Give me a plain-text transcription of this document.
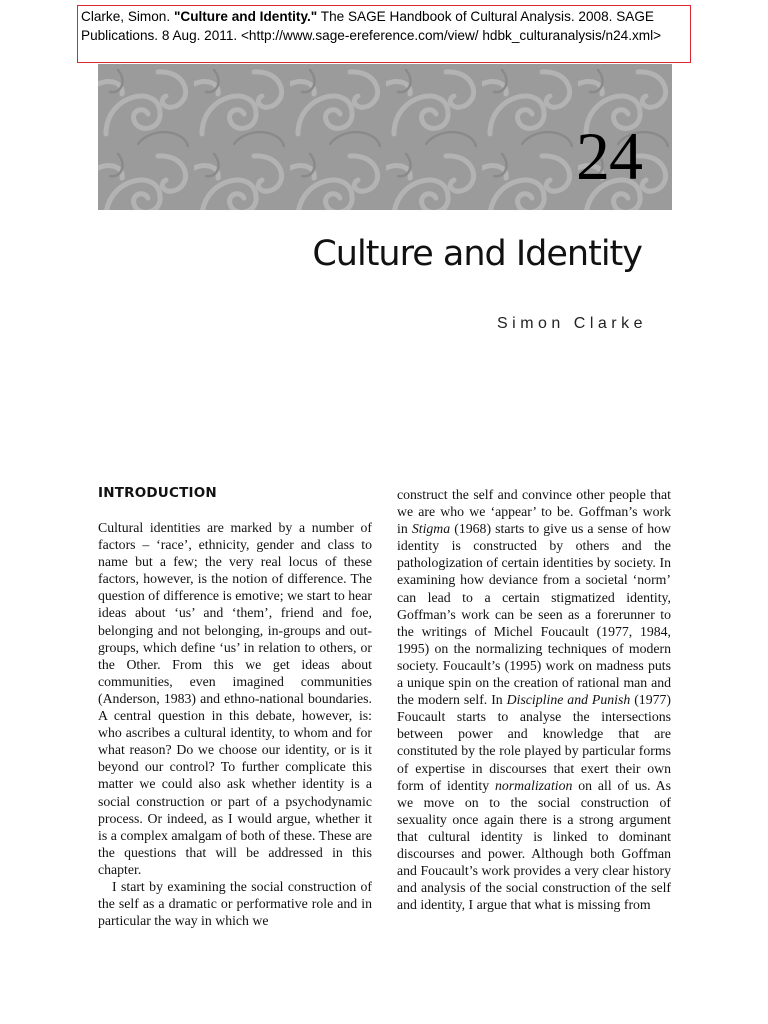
Clarke, Simon. "Culture and Identity." The SAGE Handbook of Cultural Analysis. 2008. SAGE Publications. 8 Aug. 2011. <http://www.sage-ereference.com/view/ hdbk_culturanalysis/n24.xml>
24
Culture and Identity
Simon Clarke
INTRODUCTION

Cultural identities are marked by a number of factors – ‘race’, ethnicity, gender and class to name but a few; the very real locus of these factors, however, is the notion of difference. The question of difference is emotive; we start to hear ideas about ‘us’ and ‘them’, friend and foe, belonging and not belonging, in-groups and out-groups, which define ‘us’ in relation to others, or the Other. From this we get ideas about communities, even imagined communities (Anderson, 1983) and ethno-national boundaries. A central question in this debate, however, is: who ascribes a cultural identity, to whom and for what reason? Do we choose our identity, or is it beyond our control? To further complicate this matter we could also ask whether identity is a social construction or part of a psychodynamic process. Or indeed, as I would argue, whether it is a complex amalgam of both of these. These are the questions that will be addressed in this chapter.

I start by examining the social construction of the self as a dramatic or performative role and in particular the way in which we

construct the self and convince other people that we are who we ‘appear’ to be. Goffman’s work in Stigma (1968) starts to give us a sense of how identity is constructed by others and the pathologization of certain identities by society. In examining how deviance from a societal ‘norm’ can lead to a certain stigmatized identity, Goffman’s work can be seen as a forerunner to the writings of Michel Foucault (1977, 1984, 1995) on the normalizing techniques of modern society. Foucault’s (1995) work on madness puts a unique spin on the creation of rational man and the modern self. In Discipline and Punish (1977) Foucault starts to analyse the intersections between power and knowledge that are constituted by the role played by particular forms of expertise in discourses that exert their own form of identity normalization on all of us. As we move on to the social construction of sexuality once again there is a strong argument that cultural identity is linked to dominant discourses and power. Although both Goffman and Foucault’s work provides a very clear history and analysis of the social construction of the self and identity, I argue that what is missing from
